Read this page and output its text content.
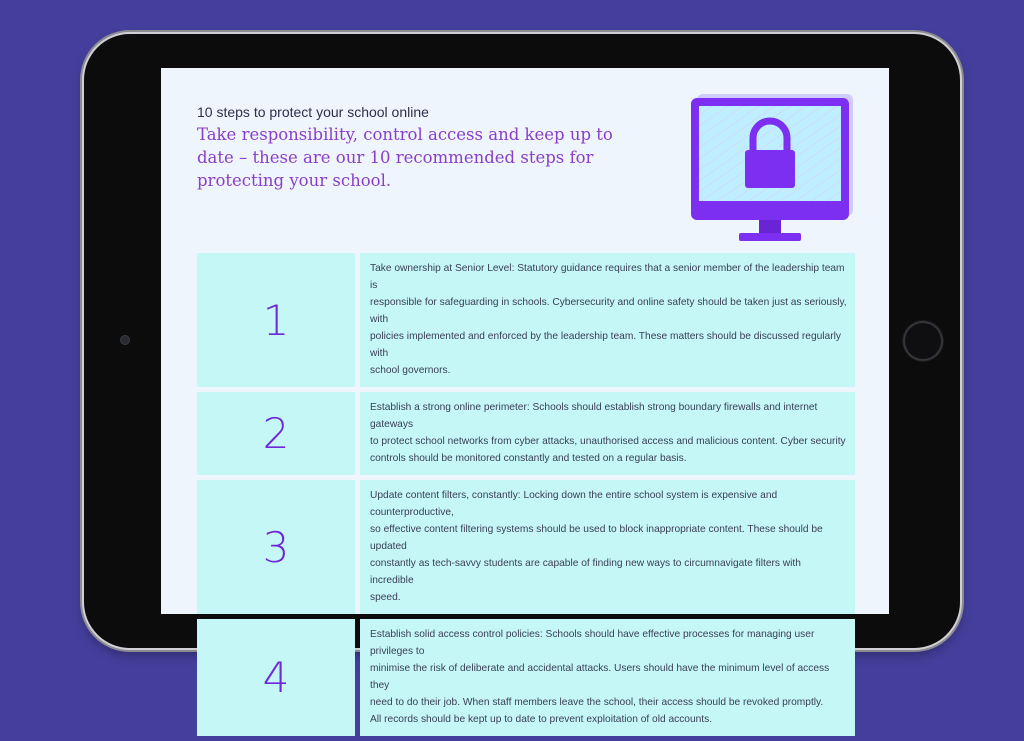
10 steps to protect your school online
Take responsibility, control access and keep up to date – these are our 10 recommended steps for protecting your school.
1
Take ownership at Senior Level: Statutory guidance requires that a senior member of the leadership team is
responsible for safeguarding in schools. Cybersecurity and online safety should be taken just as seriously, with
policies implemented and enforced by the leadership team. These matters should be discussed regularly with
school governors.
2
Establish a strong online perimeter: Schools should establish strong boundary firewalls and internet gateways
to protect school networks from cyber attacks, unauthorised access and malicious content. Cyber security
controls should be monitored constantly and tested on a regular basis.
3
Update content filters, constantly: Locking down the entire school system is expensive and counterproductive,
so effective content filtering systems should be used to block inappropriate content. These should be updated
constantly as tech-savvy students are capable of finding new ways to circumnavigate filters with incredible
speed.
4
Establish solid access control policies: Schools should have effective processes for managing user privileges to
minimise the risk of deliberate and accidental attacks. Users should have the minimum level of access they
need to do their job. When staff members leave the school, their access should be revoked promptly.
All records should be kept up to date to prevent exploitation of old accounts.
